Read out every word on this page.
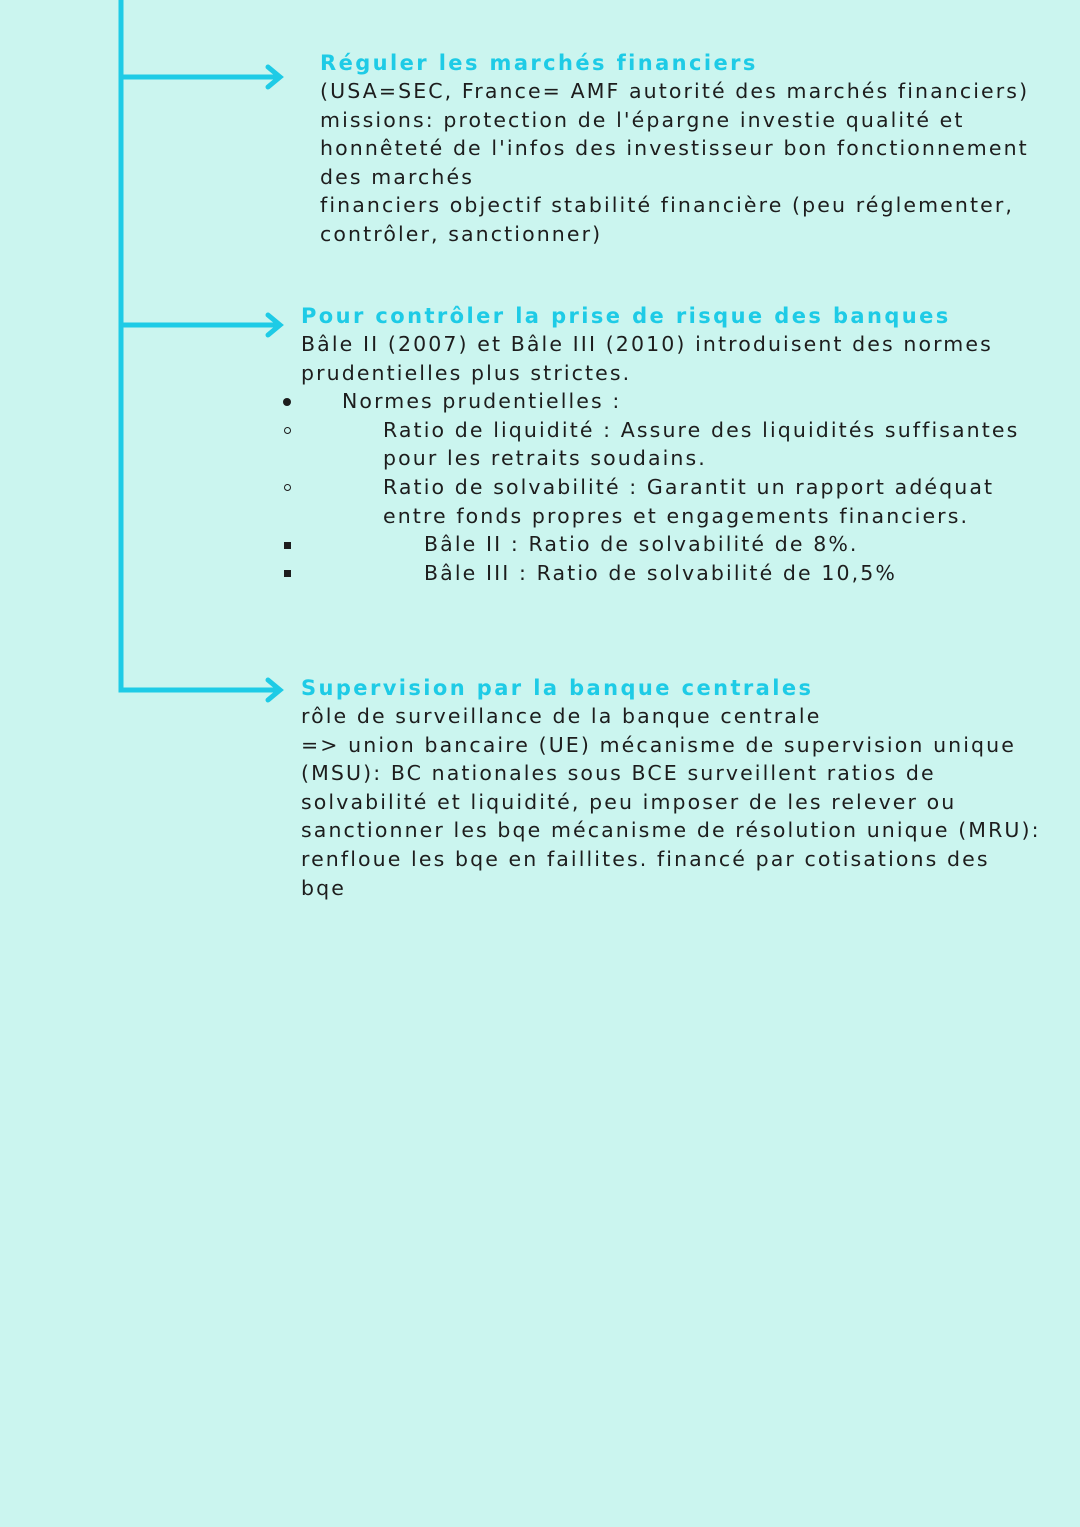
Réguler les marchés financiers

(USA=SEC, France= AMF autorité des marchés financiers)
missions: protection de l'épargne investie qualité et
honnêteté de l'infos des investisseur bon fonctionnement
des marchés
financiers objectif stabilité financière (peu réglementer,
contrôler, sanctionner)

Pour contrôler la prise de risque des banques

Bâle II (2007) et Bâle III (2010) introduisent des normes
prudentielles plus strictes.

Normes prudentielles :
Ratio de liquidité : Assure des liquidités suffisantes
pour les retraits soudains.
Ratio de solvabilité : Garantit un rapport adéquat
entre fonds propres et engagements financiers.
Bâle II : Ratio de solvabilité de 8%.
Bâle III : Ratio de solvabilité de 10,5%
Supervision par la banque centrales

rôle de surveillance de la banque centrale
=> union bancaire (UE) mécanisme de supervision unique
(MSU): BC nationales sous BCE surveillent ratios de
solvabilité et liquidité, peu imposer de les relever ou
sanctionner les bqe mécanisme de résolution unique (MRU):
renfloue les bqe en faillites. financé par cotisations des
bqe
